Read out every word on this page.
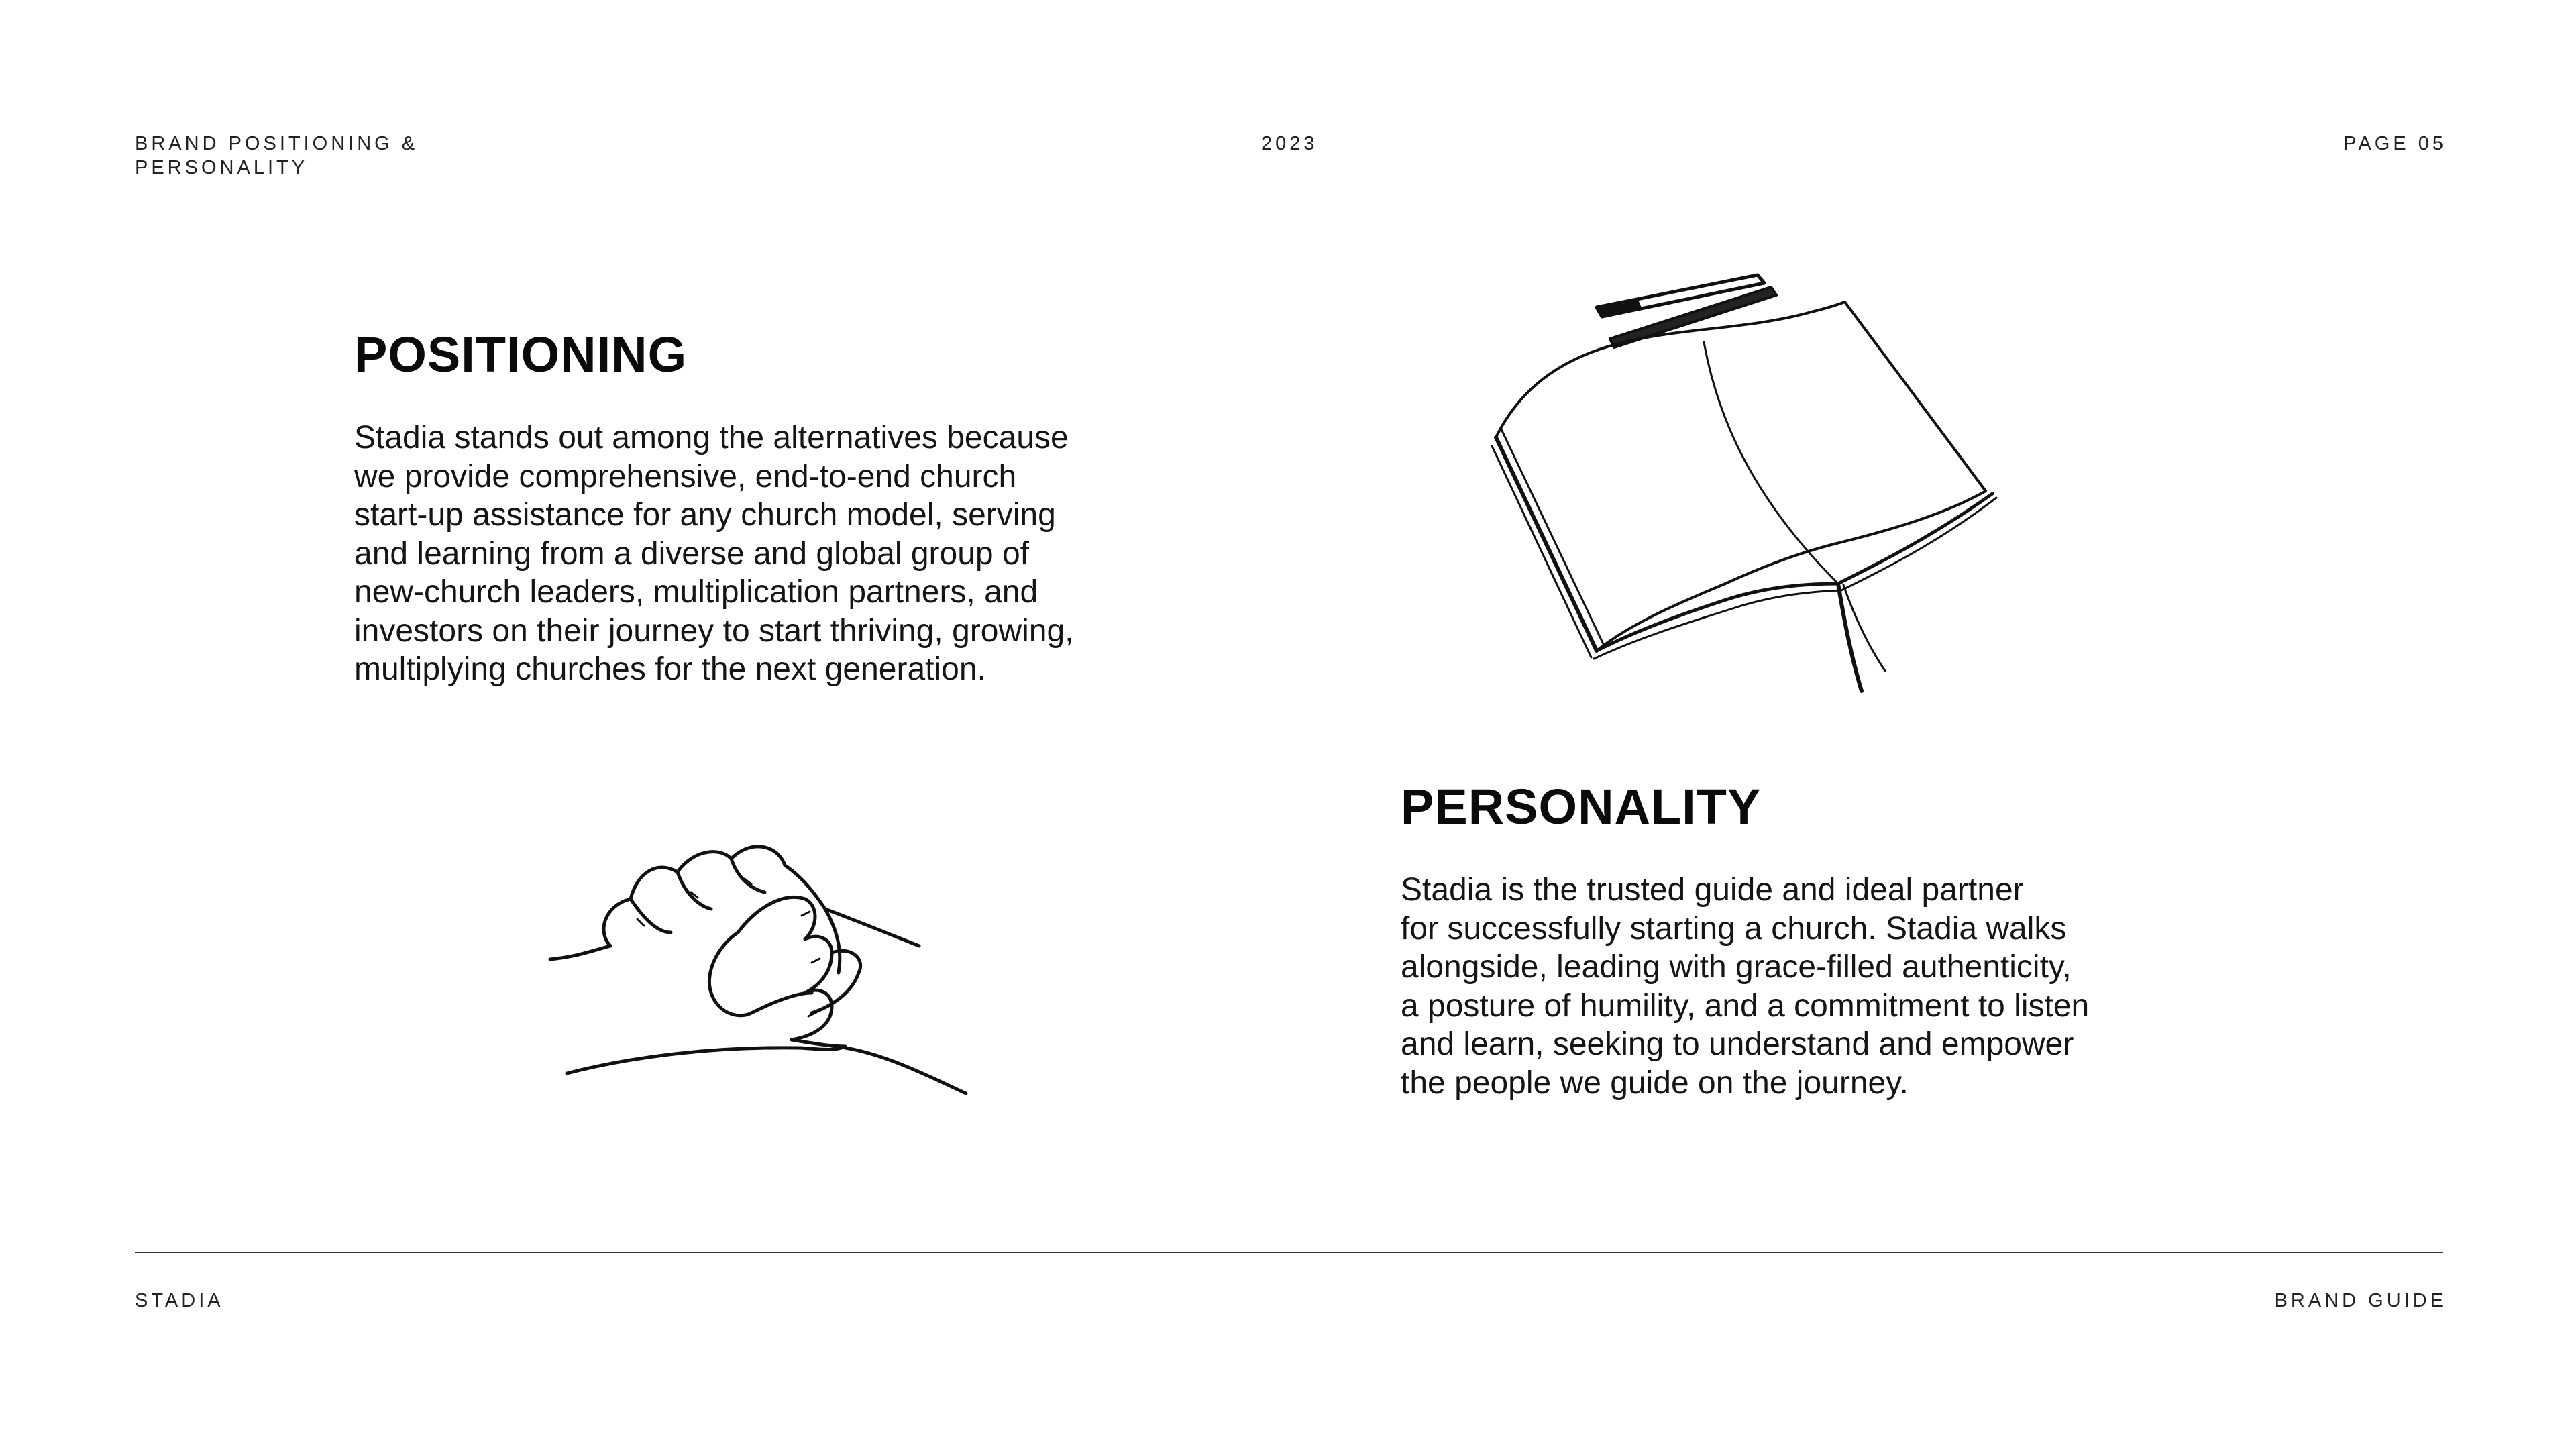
BRAND POSITIONING & PERSONALITY

2023	PAGE 05

POSITIONING

Stadia stands out among the alternatives because
we provide comprehensive, end-to-end church
start-up assistance for any church model, serving
and learning from a diverse and global group of
new-church leaders, multiplication partners, and
investors on their journey to start thriving, growing,
multiplying churches for the next generation.

PERSONALITY

Stadia is the trusted guide and ideal partner
for successfully starting a church. Stadia walks
alongside, leading with grace-filled authenticity,
a posture of humility, and a commitment to listen
and learn, seeking to understand and empower
the people we guide on the journey.

STADIA	BRAND GUIDE
